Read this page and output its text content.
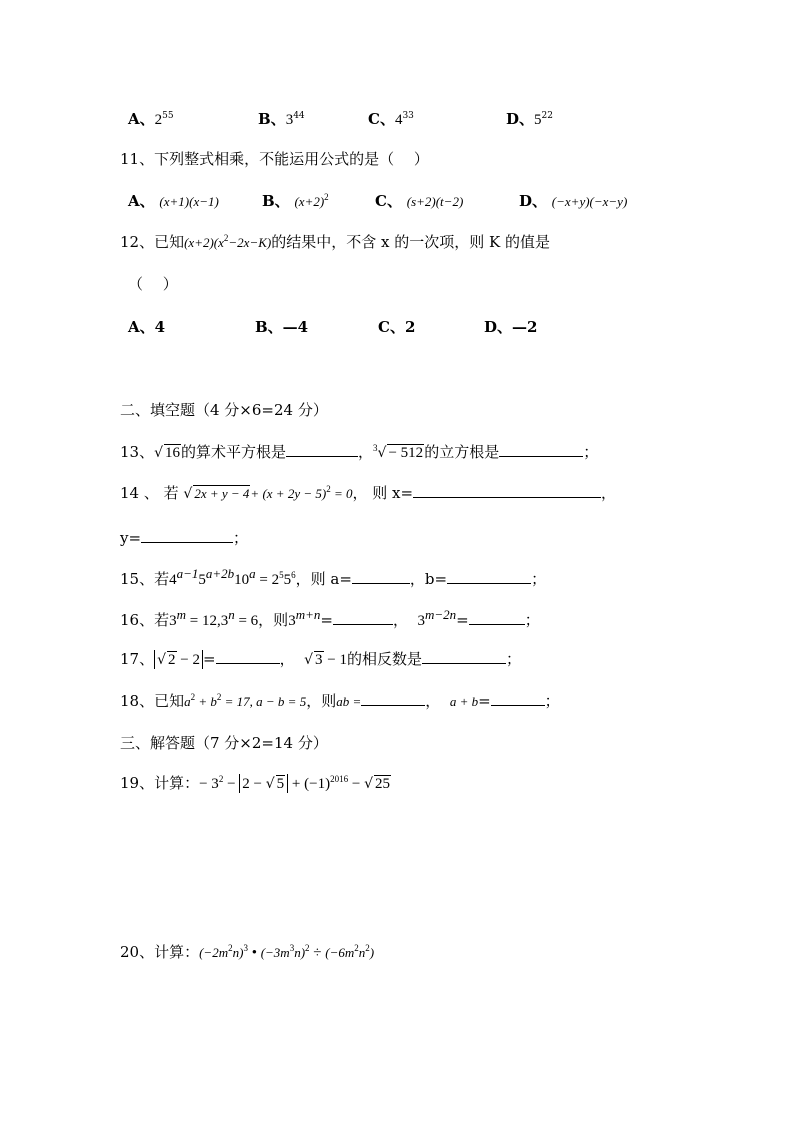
A、$2^{55}$	B、$3^{44}$	C、$4^{33}$	D、$5^{22}$
11、下列整式相乘，不能运用公式的是（　 ）
A、 (x+1)(x−1)	B、 $(x+2)^2$	C、 (s+2)(t−2)	D、 (−x+y)(−x−y)
12、已知$(x+2)(x^2-2x-K)$的结果中，不含 x 的一次项，则 K 的值是
（　 ）
A、4	B、—4	C、2	D、—2
二、填空题（4 分×6=24 分）
13、√ 16的算术平方根是	，$^3$√ − 512的立方根是	；
14 、 若 √ $2x + y - 4+ (x + 2y - 5)^2 = 0$， 则 x=	，
y=	；
15、若$4^{a-1}5^{a+2b}10^a = 2^55^6$，则 a=	，b=	；
16、若$3^m = 12,3^n = 6$，则$3^{m+n}=$	， $3^{m-2n}=$	；
17、 √ 2 − 2 =	， √ 3 − 1的相反数是	；
18、已知$a^2 + b^2 = 17$, a − b = 5，则ab =	， a + b=	；
三、解答题（7 分×2=14 分）
19、计算：− $3^2 - 2$ − √ $5 + (-1)^{2016}$ − √ 25
20、计算：$(-2m^2n)^3$ • $(-3m^3n)^2 \div (-6m^2n^2)$
